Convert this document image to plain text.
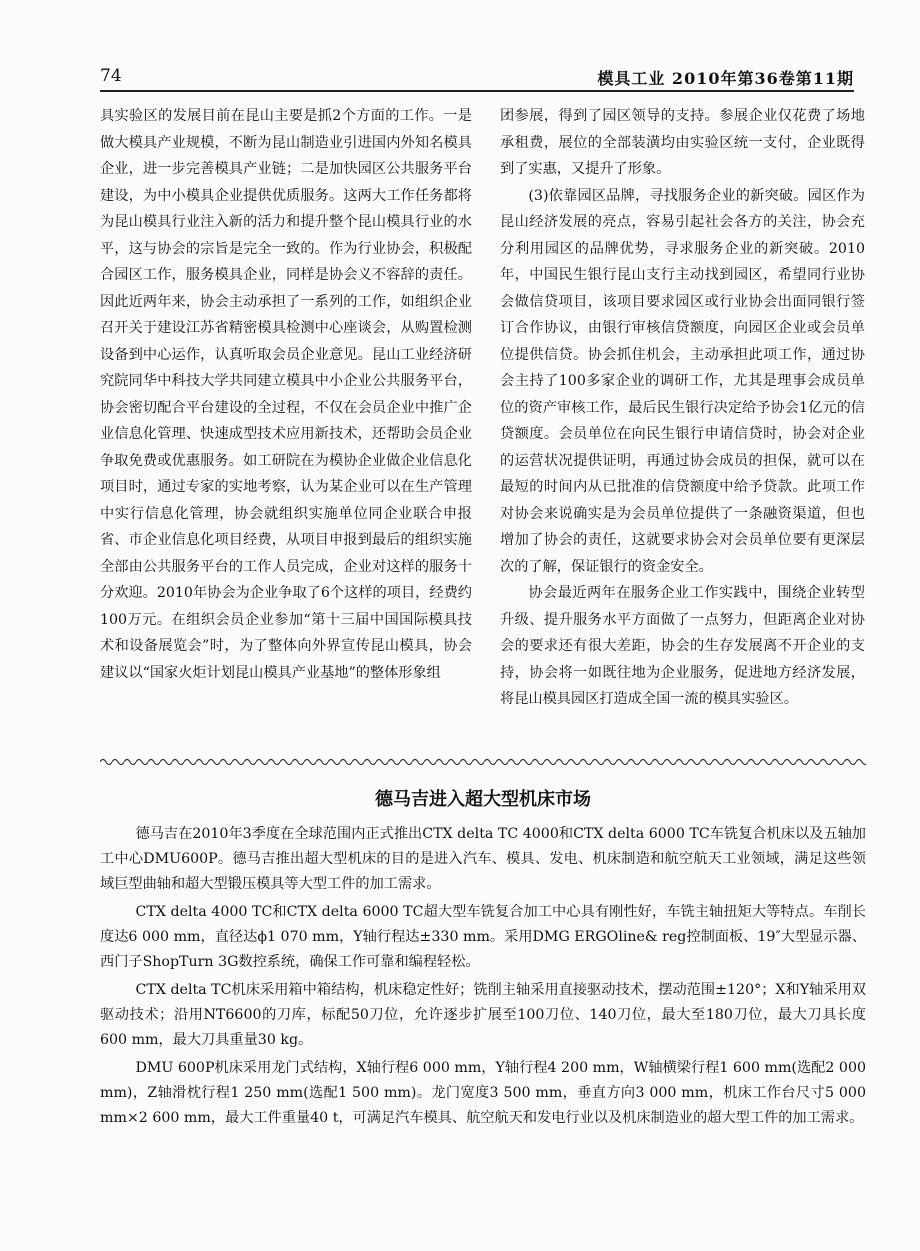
74	模具工业 2010年第36卷第11期

具实验区的发展目前在昆山主要是抓2个方面的工作。一是做大模具产业规模，不断为昆山制造业引进国内外知名模具企业，进一步完善模具产业链；二是加快园区公共服务平台建设，为中小模具企业提供优质服务。这两大工作任务都将为昆山模具行业注入新的活力和提升整个昆山模具行业的水平，这与协会的宗旨是完全一致的。作为行业协会，积极配合园区工作，服务模具企业，同样是协会义不容辞的责任。因此近两年来，协会主动承担了一系列的工作，如组织企业召开关于建设江苏省精密模具检测中心座谈会，从购置检测设备到中心运作，认真听取会员企业意见。昆山工业经济研究院同华中科技大学共同建立模具中小企业公共服务平台，协会密切配合平台建设的全过程，不仅在会员企业中推广企业信息化管理、快速成型技术应用新技术，还帮助会员企业争取免费或优惠服务。如工研院在为模协企业做企业信息化项目时，通过专家的实地考察，认为某企业可以在生产管理中实行信息化管理，协会就组织实施单位同企业联合申报省、市企业信息化项目经费，从项目申报到最后的组织实施全部由公共服务平台的工作人员完成，企业对这样的服务十分欢迎。2010年协会为企业争取了6个这样的项目，经费约100万元。在组织会员企业参加“第十三届中国国际模具技术和设备展览会”时，为了整体向外界宣传昆山模具，协会建议以“国家火炬计划昆山模具产业基地”的整体形象组

团参展，得到了园区领导的支持。参展企业仅花费了场地承租费，展位的全部装潢均由实验区统一支付，企业既得到了实惠，又提升了形象。

(3)依靠园区品牌，寻找服务企业的新突破。园区作为昆山经济发展的亮点，容易引起社会各方的关注，协会充分利用园区的品牌优势，寻求服务企业的新突破。2010年，中国民生银行昆山支行主动找到园区，希望同行业协会做信贷项目，该项目要求园区或行业协会出面同银行签订合作协议，由银行审核信贷额度，向园区企业或会员单位提供信贷。协会抓住机会，主动承担此项工作，通过协会主持了100多家企业的调研工作，尤其是理事会成员单位的资产审核工作，最后民生银行决定给予协会1亿元的信贷额度。会员单位在向民生银行申请信贷时，协会对企业的运营状况提供证明，再通过协会成员的担保，就可以在最短的时间内从已批准的信贷额度中给予贷款。此项工作对协会来说确实是为会员单位提供了一条融资渠道，但也增加了协会的责任，这就要求协会对会员单位要有更深层次的了解，保证银行的资金安全。

协会最近两年在服务企业工作实践中，围绕企业转型升级、提升服务水平方面做了一点努力，但距离企业对协会的要求还有很大差距，协会的生存发展离不开企业的支持，协会将一如既往地为企业服务，促进地方经济发展，将昆山模具园区打造成全国一流的模具实验区。

德马吉进入超大型机床市场

德马吉在2010年3季度在全球范围内正式推出CTX delta TC 4000和CTX delta 6000 TC车铣复合机床以及五轴加工中心DMU600P。德马吉推出超大型机床的目的是进入汽车、模具、发电、机床制造和航空航天工业领域，满足这些领域巨型曲轴和超大型锻压模具等大型工件的加工需求。

CTX delta 4000 TC和CTX delta 6000 TC超大型车铣复合加工中心具有刚性好，车铣主轴扭矩大等特点。车削长度达6 000 mm，直径达ϕ1 070 mm，Y轴行程达±330 mm。采用DMG ERGOline& reg控制面板、19″大型显示器、西门子ShopTurn 3G数控系统，确保工作可靠和编程轻松。

CTX delta TC机床采用箱中箱结构，机床稳定性好；铣削主轴采用直接驱动技术，摆动范围±120°；X和Y轴采用双驱动技术；沿用NT6600的刀库，标配50刀位，允许逐步扩展至100刀位、140刀位，最大至180刀位，最大刀具长度600 mm，最大刀具重量30 kg。

DMU 600P机床采用龙门式结构，X轴行程6 000 mm，Y轴行程4 200 mm，W轴横梁行程1 600 mm(选配2 000 mm)，Z轴滑枕行程1 250 mm(选配1 500 mm)。龙门宽度3 500 mm，垂直方向3 000 mm，机床工作台尺寸5 000 mm×2 600 mm，最大工件重量40 t，可满足汽车模具、航空航天和发电行业以及机床制造业的超大型工件的加工需求。
